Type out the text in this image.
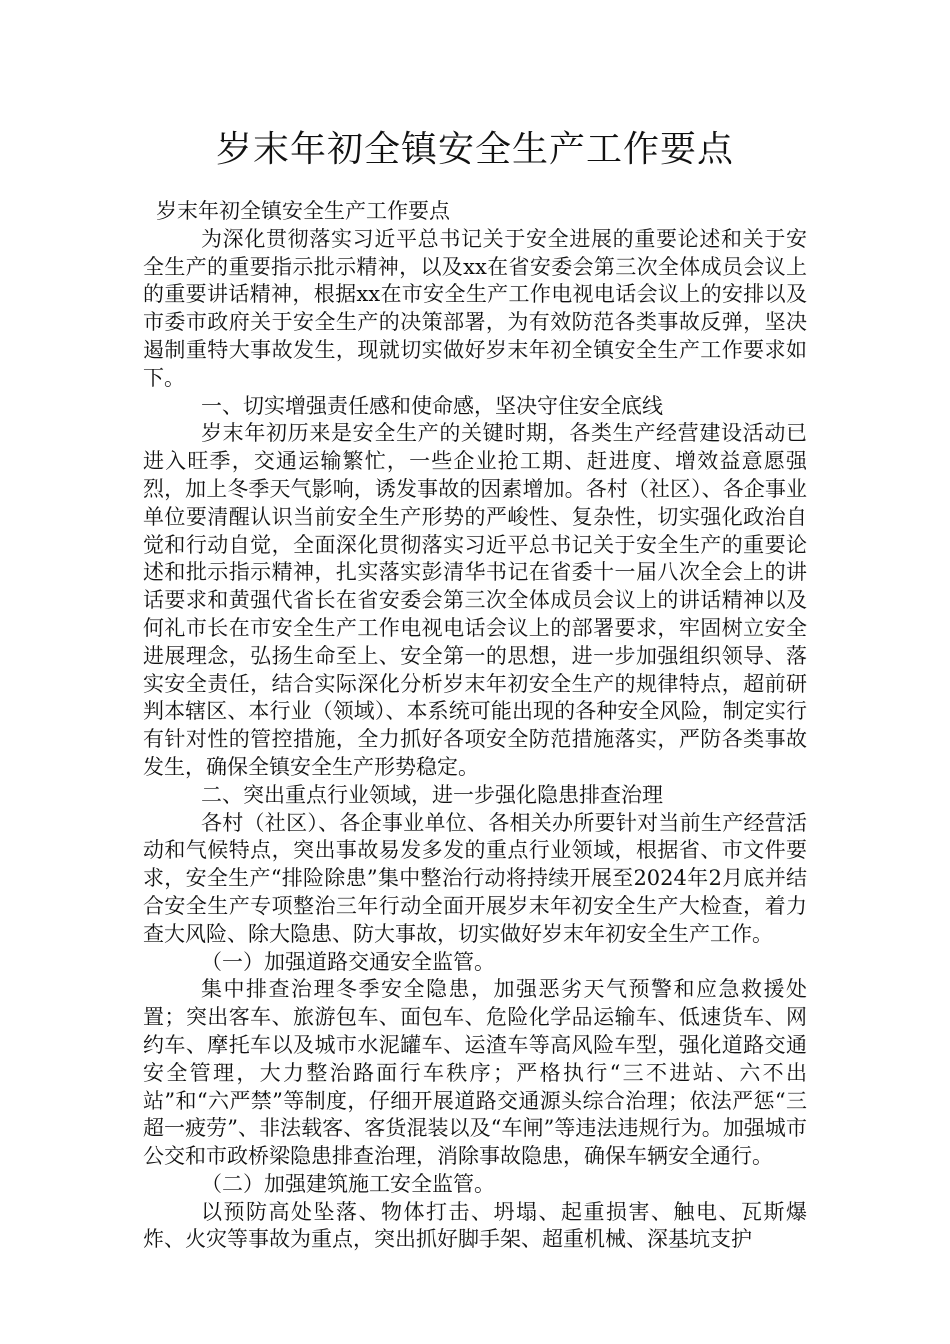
岁末年初全镇安全生产工作要点

岁末年初全镇安全生产工作要点

为深化贯彻落实习近平总书记关于安全进展的重要论述和关于安全生产的重要指示批示精神，以及xx在省安委会第三次全体成员会议上的重要讲话精神，根据xx在市安全生产工作电视电话会议上的安排以及市委市政府关于安全生产的决策部署，为有效防范各类事故反弹，坚决遏制重特大事故发生，现就切实做好岁末年初全镇安全生产工作要求如下。

一、切实增强责任感和使命感，坚决守住安全底线

岁末年初历来是安全生产的关键时期，各类生产经营建设活动已进入旺季，交通运输繁忙，一些企业抢工期、赶进度、增效益意愿强烈，加上冬季天气影响，诱发事故的因素增加。各村（社区）、各企事业单位要清醒认识当前安全生产形势的严峻性、复杂性，切实强化政治自觉和行动自觉，全面深化贯彻落实习近平总书记关于安全生产的重要论述和批示指示精神，扎实落实彭清华书记在省委十一届八次全会上的讲话要求和黄强代省长在省安委会第三次全体成员会议上的讲话精神以及何礼市长在市安全生产工作电视电话会议上的部署要求，牢固树立安全进展理念，弘扬生命至上、安全第一的思想，进一步加强组织领导、落实安全责任，结合实际深化分析岁末年初安全生产的规律特点，超前研判本辖区、本行业（领域）、本系统可能出现的各种安全风险，制定实行有针对性的管控措施，全力抓好各项安全防范措施落实，严防各类事故发生，确保全镇安全生产形势稳定。

二、突出重点行业领域，进一步强化隐患排查治理

各村（社区）、各企事业单位、各相关办所要针对当前生产经营活动和气候特点，突出事故易发多发的重点行业领域，根据省、市文件要求，安全生产“排险除患”集中整治行动将持续开展至2024年2月底并结合安全生产专项整治三年行动全面开展岁末年初安全生产大检查，着力查大风险、除大隐患、防大事故，切实做好岁末年初安全生产工作。

（一）加强道路交通安全监管。

集中排查治理冬季安全隐患，加强恶劣天气预警和应急救援处置；突出客车、旅游包车、面包车、危险化学品运输车、低速货车、网约车、摩托车以及城市水泥罐车、运渣车等高风险车型，强化道路交通安全管理，大力整治路面行车秩序；严格执行“三不进站、六不出站”和“六严禁”等制度，仔细开展道路交通源头综合治理；依法严惩“三超一疲劳”、非法载客、客货混装以及“车闸”等违法违规行为。加强城市公交和市政桥梁隐患排查治理，消除事故隐患，确保车辆安全通行。

（二）加强建筑施工安全监管。

以预防高处坠落、物体打击、坍塌、起重损害、触电、瓦斯爆炸、火灾等事故为重点，突出抓好脚手架、超重机械、深基坑支护
